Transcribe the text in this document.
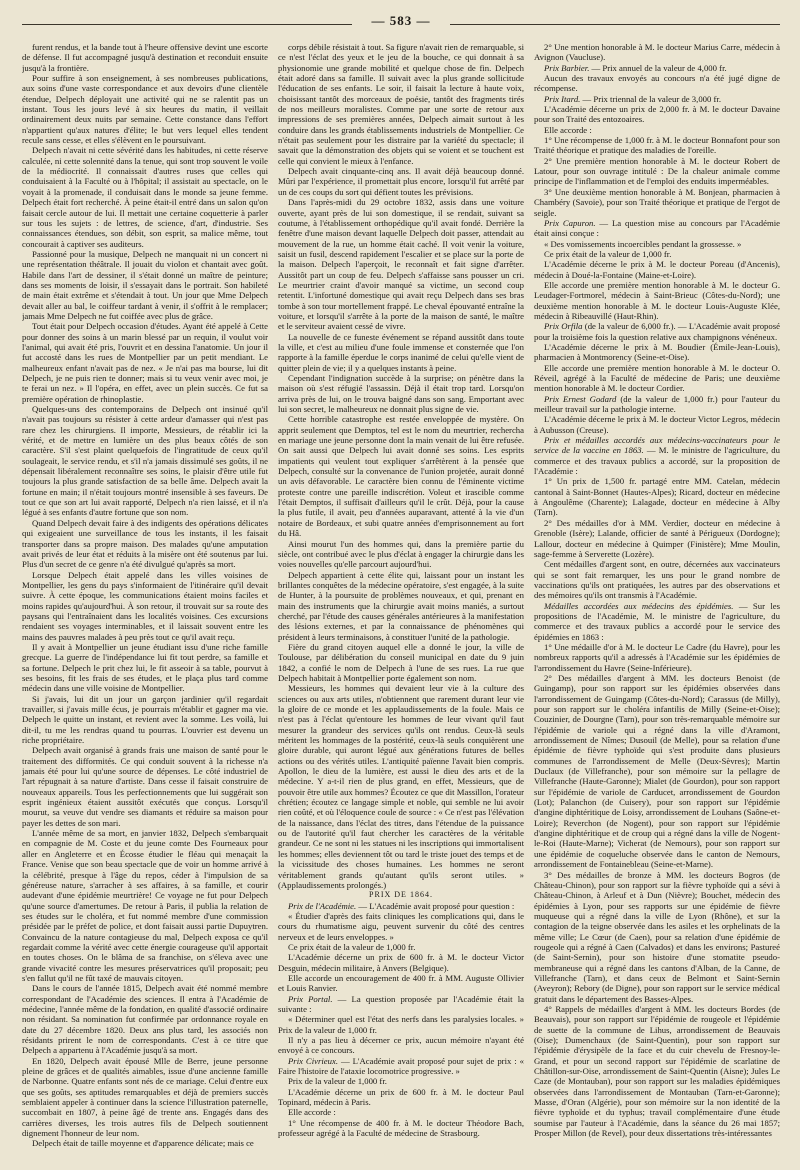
— 583 —

furent rendus, et la bande tout à l'heure offensive devint une escorte de défense. Il fut accompagné jusqu'à destination et reconduit ensuite jusqu'à la frontière.

Pour suffire à son enseignement, à ses nombreuses publications, aux soins d'une vaste correspondance et aux devoirs d'une clientèle étendue, Delpech déployait une activité qui ne se ralentit pas un instant. Tous les jours levé à six heures du matin, il veillait ordinairement deux nuits par semaine. Cette constance dans l'effort n'appartient qu'aux natures d'élite; le but vers lequel elles tendent recule sans cesse, et elles s'élèvent en le poursuivant.

Delpech n'avait ni cette sévérité dans les habitudes, ni cette réserve calculée, ni cette solennité dans la tenue, qui sont trop souvent le voile de la médiocrité. Il connaissait d'autres ruses que celles qui conduisaient à la Faculté ou à l'hôpital; il assistait au spectacle, on le voyait à la promenade, il conduisait dans le monde sa jeune femme. Delpech était fort recherché. À peine était-il entré dans un salon qu'on faisait cercle autour de lui. Il mettait une certaine coquetterie à parler sur tous les sujets : de lettres, de science, d'art, d'industrie. Ses connaissances étendues, son débit, son esprit, sa malice même, tout concourait à captiver ses auditeurs.

Passionné pour la musique, Delpech ne manquait ni un concert ni une représentation théâtrale. Il jouait du violon et chantait avec goût. Habile dans l'art de dessiner, il s'était donné un maître de peinture; dans ses moments de loisir, il s'essayait dans le portrait. Son habileté de main était extrême et s'étendait à tout. Un jour que Mme Delpech devait aller au bal, le coiffeur tardant à venir, il s'offrit à le remplacer; jamais Mme Delpech ne fut coiffée avec plus de grâce.

Tout était pour Delpech occasion d'études. Ayant été appelé à Cette pour donner des soins à un marin blessé par un requin, il voulut voir l'animal, qui avait été pris, l'ouvrit et en dessina l'anatomie. Un jour il fut accosté dans les rues de Montpellier par un petit mendiant. Le malheureux enfant n'avait pas de nez. « Je n'ai pas ma bourse, lui dit Delpech, je ne puis rien te donner; mais si tu veux venir avec moi, je te ferai un nez. » Il l'opéra, en effet, avec un plein succès. Ce fut sa première opération de rhinoplastie.

Quelques-uns des contemporains de Delpech ont insinué qu'il n'avait pas toujours su résister à cette ardeur d'amasser qui n'est pas rare chez les chirurgiens. Il importe, Messieurs, de rétablir ici la vérité, et de mettre en lumière un des plus beaux côtés de son caractère. S'il s'est plaint quelquefois de l'ingratitude de ceux qu'il soulageait, le service rendu, et s'il n'a jamais dissimulé ses goûts, il ne dépensait libéralement reconnaître ses soins, le plaisir d'être utile fut toujours la plus grande satisfaction de sa belle âme. Delpech avait la fortune en main; il n'était toujours montré insensible à ses faveurs. De tout ce que son art lui avait rapporté, Delpech n'a rien laissé, et il n'a légué à ses enfants d'autre fortune que son nom.

Quand Delpech devait faire à des indigents des opérations délicates qui exigeaient une surveillance de tous les instants, il les faisait transporter dans sa propre maison. Des malades qu'une amputation avait privés de leur état et réduits à la misère ont été soutenus par lui. Plus d'un secret de ce genre n'a été divulgué qu'après sa mort.

Lorsque Delpech était appelé dans les villes voisines de Montpellier, les gens du pays s'informaient de l'itinéraire qu'il devait suivre. À cette époque, les communications étaient moins faciles et moins rapides qu'aujourd'hui. À son retour, il trouvait sur sa route des paysans qui l'entraînaient dans les localités voisines. Ces excursions rendaient ses voyages interminables, et il laissait souvent entre les mains des pauvres malades à peu près tout ce qu'il avait reçu.

Il y avait à Montpellier un jeune étudiant issu d'une riche famille grecque. La guerre de l'indépendance lui fit tout perdre, sa famille et sa fortune. Delpech le prit chez lui, le fit asseoir à sa table, pourvut à ses besoins, fit les frais de ses études, et le plaça plus tard comme médecin dans une ville voisine de Montpellier.

Si j'avais, lui dit un jour un garçon jardinier qu'il regardait travailler, si j'avais mille écus, je pourrais m'établir et gagner ma vie. Delpech le quitte un instant, et revient avec la somme. Les voilà, lui dit-il, tu me les rendras quand tu pourras. L'ouvrier est devenu un riche propriétaire.

Delpech avait organisé à grands frais une maison de santé pour le traitement des difformités. Ce qui conduit souvent à la richesse n'a jamais été pour lui qu'une source de dépenses. Le côté industriel de l'art répugnait à sa nature d'artiste. Dans cesse il faisait construire de nouveaux appareils. Tous les perfectionnements que lui suggérait son esprit ingénieux étaient aussitôt exécutés que conçus. Lorsqu'il mourut, sa veuve dut vendre ses diamants et réduire sa maison pour payer les dettes de son mari.

L'année même de sa mort, en janvier 1832, Delpech s'embarquait en compagnie de M. Coste et du jeune comte Des Fourneaux pour aller en Angleterre et en Écosse étudier le fléau qui menaçait la France. Venise que son beau spectacle que de voir un homme arrivé à la célébrité, presque à l'âge du repos, céder à l'impulsion de sa généreuse nature, s'arracher à ses affaires, à sa famille, et courir audevant d'une épidémie meurtrière! Ce voyage ne fut pour Delpech qu'une source d'amertumes. De retour à Paris, il publia la relation de ses études sur le choléra, et fut nommé membre d'une commission présidée par le préfet de police, et dont faisait aussi partie Dupuytren. Convaincu de la nature contagieuse du mal, Delpech exposa ce qu'il regardait comme la vérité avec cette énergie courageuse qu'il apportait en toutes choses. On le blâma de sa franchise, on s'éleva avec une grande vivacité contre les mesures préservatrices qu'il proposait; peu s'en fallut qu'il ne fût taxé de mauvais citoyen.

Dans le cours de l'année 1815, Delpech avait été nommé membre correspondant de l'Académie des sciences. Il entra à l'Académie de médecine, l'année même de la fondation, en qualité d'associé ordinaire non résidant. Sa nomination fut confirmée par ordonnance royale en date du 27 décembre 1820. Deux ans plus tard, les associés non résidants prirent le nom de correspondants. C'est à ce titre que Delpech a appartenu à l'Académie jusqu'à sa mort.

En 1820, Delpech avait épousé Mlle de Berre, jeune personne pleine de grâces et de qualités aimables, issue d'une ancienne famille de Narbonne. Quatre enfants sont nés de ce mariage. Celui d'entre eux que ses goûts, ses aptitudes remarquables et déjà de premiers succès semblaient appeler à continuer dans la science l'illustration paternelle, succombait en 1807, à peine âgé de trente ans. Engagés dans des carrières diverses, les trois autres fils de Delpech soutiennent dignement l'honneur de leur nom.

Delpech était de taille moyenne et d'apparence délicate; mais ce

corps débile résistait à tout. Sa figure n'avait rien de remarquable, si ce n'est l'éclat des yeux et le jeu de la bouche, ce qui donnait à sa physionomie une grande mobilité et quelque chose de fin. Delpech était adoré dans sa famille. Il suivait avec la plus grande sollicitude l'éducation de ses enfants. Le soir, il faisait la lecture à haute voix, choisissant tantôt des morceaux de poésie, tantôt des fragments tirés de nos meilleurs moralistes. Comme par une sorte de retour aux impressions de ses premières années, Delpech aimait surtout à les conduire dans les grands établissements industriels de Montpellier. Ce n'était pas seulement pour les distraire par la variété du spectacle; il savait que la démonstration des objets qui se voient et se touchent est celle qui convient le mieux à l'enfance.

Delpech avait cinquante-cinq ans. Il avait déjà beaucoup donné. Mûri par l'expérience, il promettait plus encore, lorsqu'il fut arrêté par un de ces coups du sort qui défient toutes les prévisions.

Dans l'après-midi du 29 octobre 1832, assis dans une voiture ouverte, ayant près de lui son domestique, il se rendait, suivant sa coutume, à l'établissement orthopédique qu'il avait fondé. Derrière la fenêtre d'une maison devant laquelle Delpech doit passer, attendait au mouvement de la rue, un homme était caché. Il voit venir la voiture, saisit un fusil, descend rapidement l'escalier et se place sur la porte de la maison. Delpech l'aperçoit, le reconnaît et fait signe d'arrêter. Aussitôt part un coup de feu. Delpech s'affaisse sans pousser un cri. Le meurtrier craint d'avoir manqué sa victime, un second coup retentit. L'infortuné domestique qui avait reçu Delpech dans ses bras tombe à son tour mortellement frappé. Le cheval épouvanté entraîne la voiture, et lorsqu'il s'arrête à la porte de la maison de santé, le maître et le serviteur avaient cessé de vivre.

La nouvelle de ce funeste événement se répand aussitôt dans toute la ville, et c'est au milieu d'une foule immense et consternée que l'on rapporte à la famille éperdue le corps inanimé de celui qu'elle vient de quitter plein de vie; il y a quelques instants à peine.

Cependant l'indignation succède à la surprise; on pénètre dans la maison où s'est réfugié l'assassin. Déjà il était trop tard. Lorsqu'on arriva près de lui, on le trouva baigné dans son sang. Emportant avec lui son secret, le malheureux ne donnait plus signe de vie.

Cette horrible catastrophe est restée enveloppée de mystère. On apprit seulement que Demptos, tel est le nom du meurtrier, rechercha en mariage une jeune personne dont la main venait de lui être refusée. On sait aussi que Delpech lui avait donné ses soins. Les esprits impatients qui veulent tout expliquer s'arrêtèrent à la pensée que Delpech, consulté sur la convenance de l'union projetée, aurait donné un avis défavorable. Le caractère bien connu de l'éminente victime proteste contre une pareille indiscrétion. Voleut et irascible comme l'était Demptos, il suffisait d'ailleurs qu'il le crût. Déjà, pour la cause la plus futile, il avait, peu d'années auparavant, attenté à la vie d'un notaire de Bordeaux, et subi quatre années d'emprisonnement au fort du Hâ.

Ainsi mourut l'un des hommes qui, dans la première partie du siècle, ont contribué avec le plus d'éclat à engager la chirurgie dans les voies nouvelles qu'elle parcourt aujourd'hui.

Delpech appartient à cette élite qui, laissant pour un instant les brillantes conquêtes de la médecine opératoire, s'est engagée, à la suite de Hunter, à la poursuite de problèmes nouveaux, et qui, prenant en main des instruments que la chirurgie avait moins maniés, a surtout cherché, par l'étude des causes générales antérieures à la manifestation des lésions externes, et par la connaissance de phénomènes qui président à leurs terminaisons, à constituer l'unité de la pathologie.

Fière du grand citoyen auquel elle a donné le jour, la ville de Toulouse, par délibération du conseil municipal en date du 9 juin 1842, a confié le nom de Delpech à l'une de ses rues. La rue que Delpech habitait à Montpellier porte également son nom.

Messieurs, les hommes qui devaient leur vie à la culture des sciences ou aux arts utiles, n'obtiennent que rarement durant leur vie la gloire de ce monde et les applaudissements de la foule. Mais ce n'est pas à l'éclat qu'entoure les hommes de leur vivant qu'il faut mesurer la grandeur des services qu'ils ont rendus. Ceux-là seuls méritent les hommages de la postérité, ceux-là seuls conquièrent une gloire durable, qui auront légué aux générations futures de belles actions ou des vérités utiles. L'antiquité païenne l'avait bien compris. Apollon, le dieu de la lumière, est aussi le dieu des arts et de la médecine. Y a-t-il rien de plus grand, en effet, Messieurs, que de pouvoir être utile aux hommes? Écoutez ce que dit Massillon, l'orateur chrétien; écoutez ce langage simple et noble, qui semble ne lui avoir rien coûté, et où l'éloquence coule de source : « Ce n'est pas l'élévation de la naissance, dans l'éclat des titres, dans l'étendue de la puissance ou de l'autorité qu'il faut chercher les caractères de la véritable grandeur. Ce ne sont ni les statues ni les inscriptions qui immortalisent les hommes; elles deviennent tôt ou tard le triste jouet des temps et de la vicissitude des choses humaines. Les hommes ne seront véritablement grands qu'autant qu'ils seront utiles. » (Applaudissements prolongés.)

PRIX DE 1864.

Prix de l'Académie. — L'Académie avait proposé pour question :

« Étudier d'après des faits cliniques les complications qui, dans le cours du rhumatisme aigu, peuvent survenir du côté des centres nerveux et de leurs enveloppes. »

Ce prix était de la valeur de 1,000 fr.

L'Académie décerne un prix de 600 fr. à M. le docteur Victor Desguin, médecin militaire, à Anvers (Belgique).

Elle accorde un encouragement de 400 fr. à MM. Auguste Ollivier et Louis Ranvier.

Prix Portal. — La question proposée par l'Académie était la suivante :

« Déterminer quel est l'état des nerfs dans les paralysies locales. » Prix de la valeur de 1,000 fr.

Il n'y a pas lieu à décerner ce prix, aucun mémoire n'ayant été envoyé à ce concours.

Prix Civrieux. — L'Académie avait proposé pour sujet de prix : « Faire l'histoire de l'ataxie locomotrice progressive. »

Prix de la valeur de 1,000 fr.

L'Académie décerne un prix de 600 fr. à M. le docteur Paul Topinard, médecin à Paris.

Elle accorde :

1° Une récompense de 400 fr. à M. le docteur Théodore Bach, professeur agrégé à la Faculté de médecine de Strasbourg.

2° Une mention honorable à M. le docteur Marius Carre, médecin à Avignon (Vaucluse).

Prix Barbier. — Prix annuel de la valeur de 4,000 fr.

Aucun des travaux envoyés au concours n'a été jugé digne de récompense.

Prix Itard. — Prix triennal de la valeur de 3,000 fr.

L'Académie décerne un prix de 2,000 fr. à M. le docteur Davaine pour son Traité des entozoaires.

Elle accorde :

1° Une récompense de 1,000 fr. à M. le docteur Bonnafont pour son Traité théorique et pratique des maladies de l'oreille.

2° Une première mention honorable à M. le docteur Robert de Latour, pour son ouvrage intitulé : De la chaleur animale comme principe de l'inflammation et de l'emploi des enduits imperméables.

3° Une deuxième mention honorable à M. Bonjean, pharmacien à Chambéry (Savoie), pour son Traité théorique et pratique de l'ergot de seigle.

Prix Capuron. — La question mise au concours par l'Académie était ainsi conçue :

« Des vomissements incoercibles pendant la grossesse. »

Ce prix était de la valeur de 1,000 fr.

L'Académie décerne le prix à M. le docteur Poreau (d'Ancenis), médecin à Doué-la-Fontaine (Maine-et-Loire).

Elle accorde une première mention honorable à M. le docteur G. Leudager-Fortmorel, médecin à Saint-Brieuc (Côtes-du-Nord); une deuxième mention honorable à M. le docteur Louis-Auguste Klée, médecin à Ribeauvillé (Haut-Rhin).

Prix Orfila (de la valeur de 6,000 fr.). — L'Académie avait proposé pour la troisième fois la question relative aux champignons vénéneux.

L'Académie décerne le prix à M. Boudier (Émile-Jean-Louis), pharmacien à Montmorency (Seine-et-Oise).

Elle accorde une première mention honorable à M. le docteur O. Réveil, agrégé à la Faculté de médecine de Paris; une deuxième mention honorable à M. le docteur Cordier.

Prix Ernest Godard (de la valeur de 1,000 fr.) pour l'auteur du meilleur travail sur la pathologie interne.

L'Académie décerne le prix à M. le docteur Victor Legros, médecin à Aubusson (Creuse).

Prix et médailles accordés aux médecins-vaccinateurs pour le service de la vaccine en 1863. — M. le ministre de l'agriculture, du commerce et des travaux publics a accordé, sur la proposition de l'Académie :

1° Un prix de 1,500 fr. partagé entre MM. Catelan, médecin cantonal à Saint-Bonnet (Hautes-Alpes); Ricard, docteur en médecine à Angoulême (Charente); Lalagade, docteur en médecine à Alby (Tarn).

2° Des médailles d'or à MM. Verdier, docteur en médecine à Grenoble (Isère); Lalande, officier de santé à Périgueux (Dordogne); Lallour, docteur en médecine à Quimper (Finistère); Mme Moulin, sage-femme à Serverette (Lozère).

Cent médailles d'argent sont, en outre, décernées aux vaccinateurs qui se sont fait remarquer, les uns pour le grand nombre de vaccinations qu'ils ont pratiquées, les autres par des observations et des mémoires qu'ils ont transmis à l'Académie.

Médailles accordées aux médecins des épidémies. — Sur les propositions de l'Académie, M. le ministre de l'agriculture, du commerce et des travaux publics a accordé pour le service des épidémies en 1863 :

1° Une médaille d'or à M. le docteur Le Cadre (du Havre), pour les nombreux rapports qu'il a adressés à l'Académie sur les épidémies de l'arrondissement du Havre (Seine-Inférieure).

2° Des médailles d'argent à MM. les docteurs Benoist (de Guingamp), pour son rapport sur les épidémies observées dans l'arrondissement de Guingamp (Côtes-du-Nord); Carassus (de Milly), pour son rapport sur le choléra infantilis de Milly (Seine-et-Oise); Couzinier, de Dourgne (Tarn), pour son très-remarquable mémoire sur l'épidémie de variole qui a régné dans la ville d'Aramont, arrondissement de Nîmes; Dusouil (de Melle), pour sa relation d'une épidémie de fièvre typhoïde qui s'est produite dans plusieurs communes de l'arrondissement de Melle (Deux-Sèvres); Martin Duclaux (de Villefranche), pour son mémoire sur la pellagre de Villefranche (Haute-Garonne); Mialet (de Gourdon), pour son rapport sur l'épidémie de variole de Carducet, arrondissement de Gourdon (Lot); Palanchon (de Cuisery), pour son rapport sur l'épidémie d'angine diphtéritique de Loisy, arrondissement de Louhans (Saône-et-Loire); Reverchon (de Nogent), pour son rapport sur l'épidémie d'angine diphtéritique et de croup qui a régné dans la ville de Nogent-le-Roi (Haute-Marne); Vicherat (de Nemours), pour son rapport sur une épidémie de coqueluche observée dans le canton de Nemours, arrondissement de Fontainebleau (Seine-et-Marne).

3° Des médailles de bronze à MM. les docteurs Bogros (de Château-Chinon), pour son rapport sur la fièvre typhoïde qui a sévi à Château-Chinon, à Arleuf et à Dun (Nièvre); Bouchet, médecin des épidémies à Lyon, pour ses rapports sur une épidémie de fièvre muqueuse qui a régné dans la ville de Lyon (Rhône), et sur la contagion de la teigne observée dans les asiles et les orphelinats de la même ville; Le Cœur (de Caen), pour sa relation d'une épidémie de rougeole qui a régné à Caen (Calvados) et dans les environs; Pastureé (de Saint-Sernin), pour son histoire d'une stomatite pseudo-membraneuse qui a régné dans les cantons d'Alban, de la Canne, de Villefranche (Tarn), et dans ceux de Belmont et Saint-Sernin (Aveyron); Rebory (de Digne), pour son rapport sur le service médical gratuit dans le département des Basses-Alpes.

4° Rappels de médailles d'argent à MM. les docteurs Bordes (de Beauvais), pour son rapport sur l'épidémie de rougeole et l'épidémie de suette de la commune de Lihus, arrondissement de Beauvais (Oise); Dumenchaux (de Saint-Quentin), pour son rapport sur l'épidémie d'érysipèle de la face et du cuir chevelu de Fresnoy-le-Grand, et pour un second rapport sur l'épidémie de scarlatine de Châtillon-sur-Oise, arrondissement de Saint-Quentin (Aisne); Jules Le Caze (de Montauban), pour son rapport sur les maladies épidémiques observées dans l'arrondissement de Montauban (Tarn-et-Garonne); Masse, d'Oran (Algérie), pour son mémoire sur la non identité de la fièvre typhoïde et du typhus; travail complémentaire d'une étude soumise par l'auteur à l'Académie, dans la séance du 26 mai 1857; Prosper Millon (de Revel), pour deux dissertations très-intéressantes
